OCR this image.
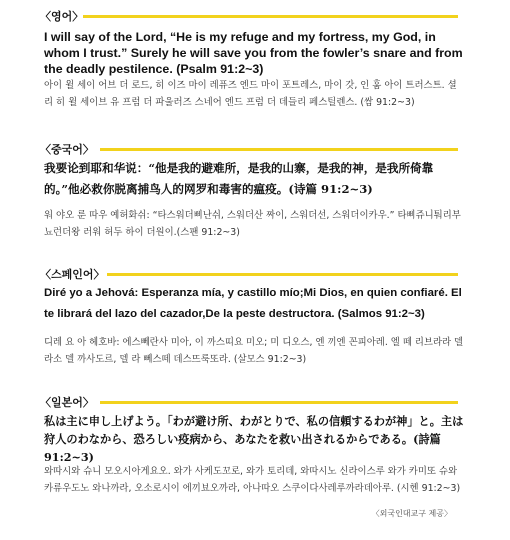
〈영어〉
I will say of the Lord, “He is my refuge and my fortress, my God, in whom I trust.” Surely he will save you from the fowler’s snare and from the deadly pestilence. (Psalm 91:2~3)
아이 윌 세이 어브 더 로드, 히 이즈 마이 레퓨즈 엔드 마이 포트레스, 마이 갓, 인 훔 아이 트러스트. 셜리 히 윌 세이브 유 프럼 더 파울러즈 스네어 엔드 프럼 더 데들리 페스틸렌스. (쌈 91:2~3)
〈중국어〉
我要论到耶和华说：“他是我的避难所，是我的山寨，是我的神，是我所倚靠的。”他必救你脱离捕鸟人的网罗和毒害的瘟疫。(诗篇 91:2~3)
워 야오 룬 따우 예허화쉬: “타스워더삐난쉬, 스워더산 짜이, 스워더선, 스워더이카우.” 타삐쥬니퉈리부뇨런더왕 러워 허두 하이 더원이.(스팬 91:2~3)
〈스페인어〉
Diré yo a Jehová: Esperanza mía, y castillo mío;Mi Dios, en quien confiaré. El te librará del lazo del cazador,De la peste destructora. (Salmos 91:2~3)
디레 요 아 헤호바: 에스뻬란사 미아, 이 까스띠요 미오; 미 디오스, 엔 끼엔 꼰피아레. 엘 떼 리브라라 델 라소 델 까사도르, 델 라 뻬스떼 데스뜨룩또라. (살모스 91:2~3)
〈일본어〉
私は主に申し上げよう。「わが避け所、わがとりで、私の信頼するわが神」と。主は狩人のわなから、恐ろしい疫病から、あなたを救い出されるからである。(詩篇 91:2~3)
와따시와 슈니 모오시아게요오. 와가 사케도꼬로, 와가 토리데, 와따시노 신라이스루 와가 카미또 슈와 카류우도노 와나까라, 오소로시이 에끼뵤오까라, 아나따오 스쿠이다사레루까라데아루. (시헨 91:2~3)
〈외국인대교구 제공〉
